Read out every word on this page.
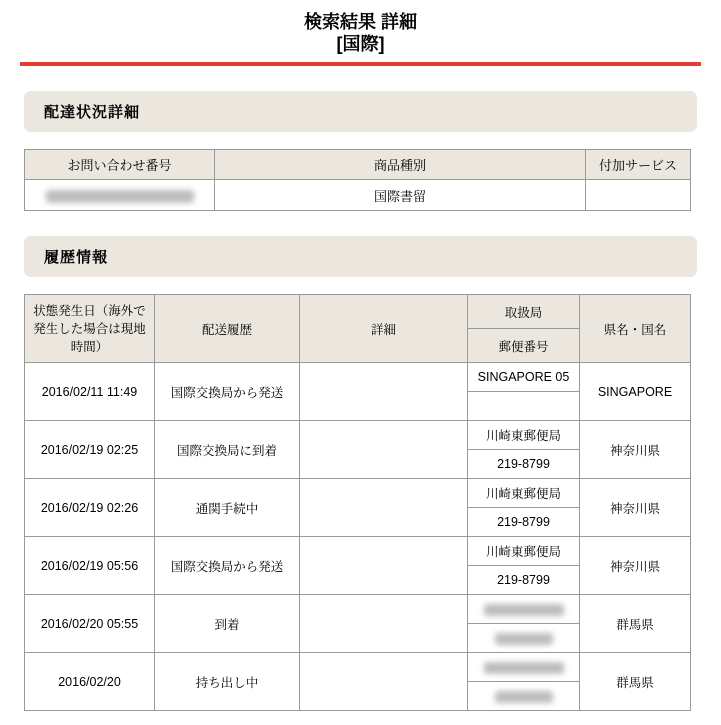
検索結果 詳細
[国際]
配達状況詳細
お問い合わせ番号	商品種別	付加サービス
	国際書留	
履歴情報
状態発生日（海外で発生した場合は現地時間）	配送履歴	詳細	取扱局	県名・国名
			郵便番号	
2016/02/11 11:49	国際交換局から発送		SINGAPORE 05	SINGAPORE

2016/02/19 02:25	国際交換局に到着		川崎東郵便局	神奈川県
			219-8799	
2016/02/19 02:26	通関手続中		川崎東郵便局	神奈川県
			219-8799	
2016/02/19 05:56	国際交換局から発送		川崎東郵便局	神奈川県
			219-8799	
2016/02/20 05:55	到着			群馬県

2016/02/20	持ち出し中			群馬県
